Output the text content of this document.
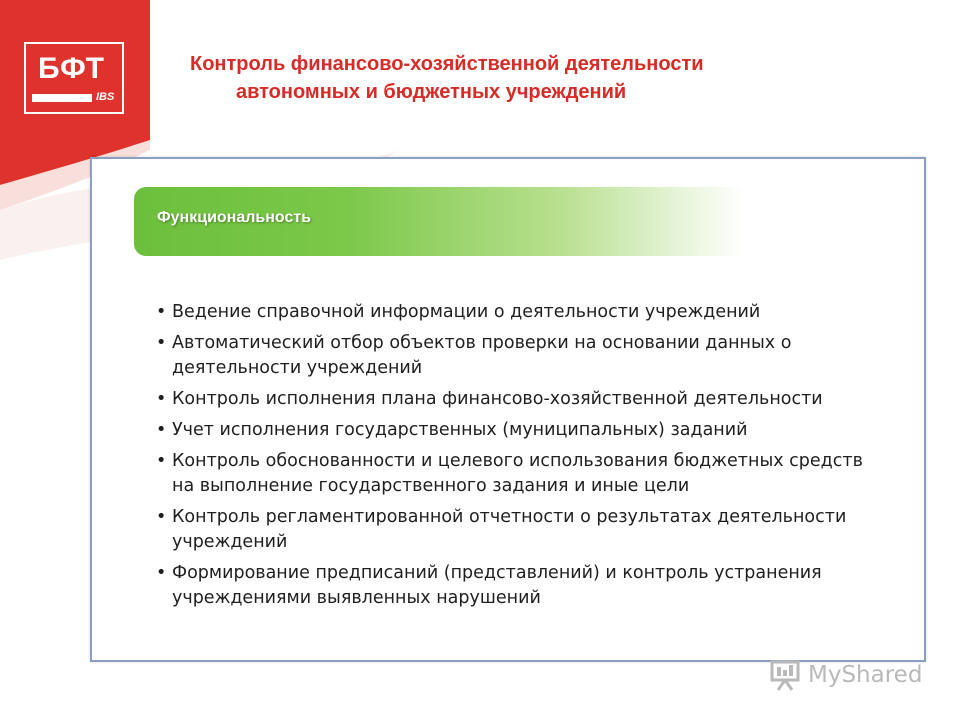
БФТ
IBS
Контроль финансово-хозяйственной деятельности
автономных и бюджетных учреждений
Функциональность
• Ведение справочной информации о деятельности учреждений
• Автоматический отбор объектов проверки на основании данных о деятельности учреждений
• Контроль исполнения плана финансово-хозяйственной деятельности
• Учет исполнения государственных (муниципальных) заданий
• Контроль обоснованности и целевого использования бюджетных средств на выполнение государственного задания и иные цели
• Контроль регламентированной отчетности о результатах деятельности учреждений
• Формирование предписаний (представлений) и контроль устранения учреждениями выявленных нарушений
MyShared
